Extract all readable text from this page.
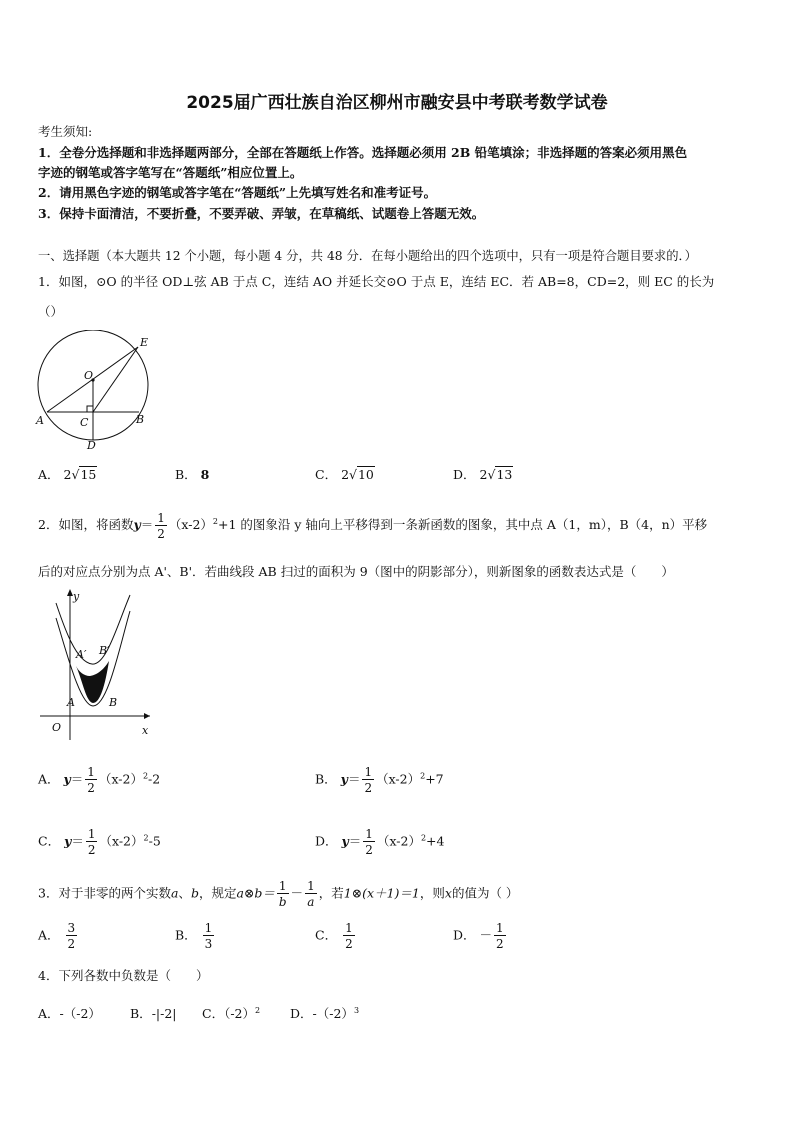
2025届广西壮族自治区柳州市融安县中考联考数学试卷
考生须知:
1．全卷分选择题和非选择题两部分，全部在答题纸上作答。选择题必须用 2B 铅笔填涂；非选择题的答案必须用黑色
字迹的钢笔或答字笔写在“答题纸”相应位置上。
2．请用黑色字迹的钢笔或答字笔在“答题纸”上先填写姓名和准考证号。
3．保持卡面清洁，不要折叠，不要弄破、弄皱，在草稿纸、试题卷上答题无效。
一、选择题（本大题共 12 个小题，每小题 4 分，共 48 分．在每小题给出的四个选项中，只有一项是符合题目要求的．）
1．如图，⊙O 的半径 OD⊥弦 AB 于点 C，连结 AO 并延长交⊙O 于点 E，连结 EC．若 AB=8，CD=2，则 EC 的长为
（）
E
O
A	C	B
D
A． 2√15	B． 8	C． 2√10	D． 2√13
2．如图，将函数$y= \frac{1}{2} (x-2)^2+1$ 的图象沿 y 轴向上平移得到一条新函数的图象，其中点 A（1，m），B（4，n）平移
后的对应点分别为点 A'、B'．若曲线段 AB 扫过的面积为 9（图中的阴影部分），则新图象的函数表达式是（　　）
y
x
O
A	B
A′ B′
A． $y= \frac{1}{2} (x-2)^2-2$	B． $y= \frac{1}{2} (x-2)^2+7$
C． $y= \frac{1}{2} (x-2)^2-5$	D． $y= \frac{1}{2} (x-2)^2+4$
3．对于非零的两个实数a、b，规定a⊗b＝ $\frac{1}{b} - \frac{1}{a}$ ，若1⊗(x＋1)＝1，则x的值为（ ）
A． $\frac{3}{2}$	B． $\frac{1}{3}$	C． $\frac{1}{2}$	D． － $\frac{1}{2}$
4．下列各数中负数是（　　）
A．-（-2） B．-|-2| C．$(-2)^2$ D．$-(-2)^3$
